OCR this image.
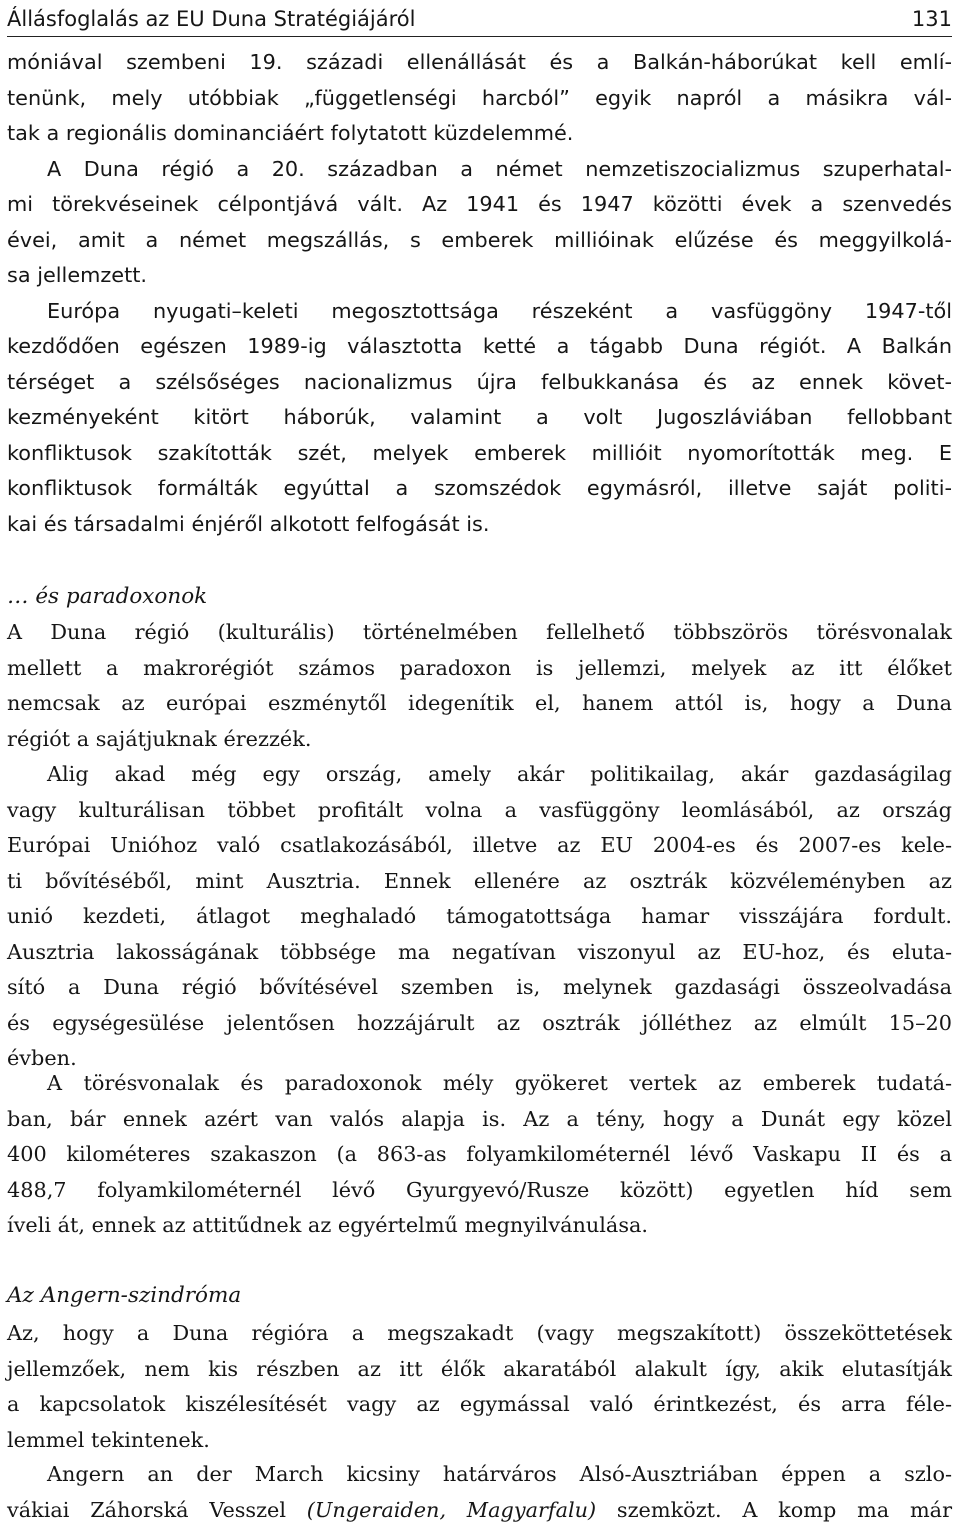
Állásfoglalás az EU Duna Stratégiájáról	131
móniával szembeni 19. századi ellenállását és a Balkán-háborúkat kell emlí-
tenünk, mely utóbbiak „függetlenségi harcból” egyik napról a másikra vál-
tak a regionális dominanciáért folytatott küzdelemmé.
A Duna régió a 20. században a német nemzetiszocializmus szuperhatal-
mi törekvéseinek célpontjává vált. Az 1941 és 1947 közötti évek a szenvedés
évei, amit a német megszállás, s emberek millióinak elűzése és meggyilkolá-
sa jellemzett.
Európa nyugati–keleti megosztottsága részeként a vasfüggöny 1947-től
kezdődően egészen 1989-ig választotta ketté a tágabb Duna régiót. A Balkán
térséget a szélsőséges nacionalizmus újra felbukkanása és az ennek követ-
kezményeként kitört háborúk, valamint a volt Jugoszláviában fellobbant
konfliktusok szakították szét, melyek emberek millióit nyomorították meg. E
konfliktusok formálták egyúttal a szomszédok egymásról, illetve saját politi-
kai és társadalmi énjéről alkotott felfogását is.
… és paradoxonok
A Duna régió (kulturális) történelmében fellelhető többszörös törésvonalak
mellett a makrorégiót számos paradoxon is jellemzi, melyek az itt élőket
nemcsak az európai eszménytől idegenítik el, hanem attól is, hogy a Duna
régiót a sajátjuknak érezzék.
Alig akad még egy ország, amely akár politikailag, akár gazdaságilag
vagy kulturálisan többet profitált volna a vasfüggöny leomlásából, az ország
Európai Unióhoz való csatlakozásából, illetve az EU 2004-es és 2007-es kele-
ti bővítéséből, mint Ausztria. Ennek ellenére az osztrák közvéleményben az
unió kezdeti, átlagot meghaladó támogatottsága hamar visszájára fordult.
Ausztria lakosságának többsége ma negatívan viszonyul az EU-hoz, és eluta-
sító a Duna régió bővítésével szemben is, melynek gazdasági összeolvadása
és egységesülése jelentősen hozzájárult az osztrák jólléthez az elmúlt 15–20
évben.
A törésvonalak és paradoxonok mély gyökeret vertek az emberek tudatá-
ban, bár ennek azért van valós alapja is. Az a tény, hogy a Dunát egy közel
400 kilométeres szakaszon (a 863-as folyamkilométernél lévő Vaskapu II és a
488,7 folyamkilométernél lévő Gyurgyevó/Rusze között) egyetlen híd sem
íveli át, ennek az attitűdnek az egyértelmű megnyilvánulása.
Az Angern-szindróma
Az, hogy a Duna régióra a megszakadt (vagy megszakított) összeköttetések
jellemzőek, nem kis részben az itt élők akaratából alakult így, akik elutasítják
a kapcsolatok kiszélesítését vagy az egymással való érintkezést, és arra féle-
lemmel tekintenek.
Angern an der March kicsiny határváros Alsó-Ausztriában éppen a szlo-
vákiai Záhorská Vesszel (Ungeraiden, Magyarfalu) szemközt. A komp ma már
